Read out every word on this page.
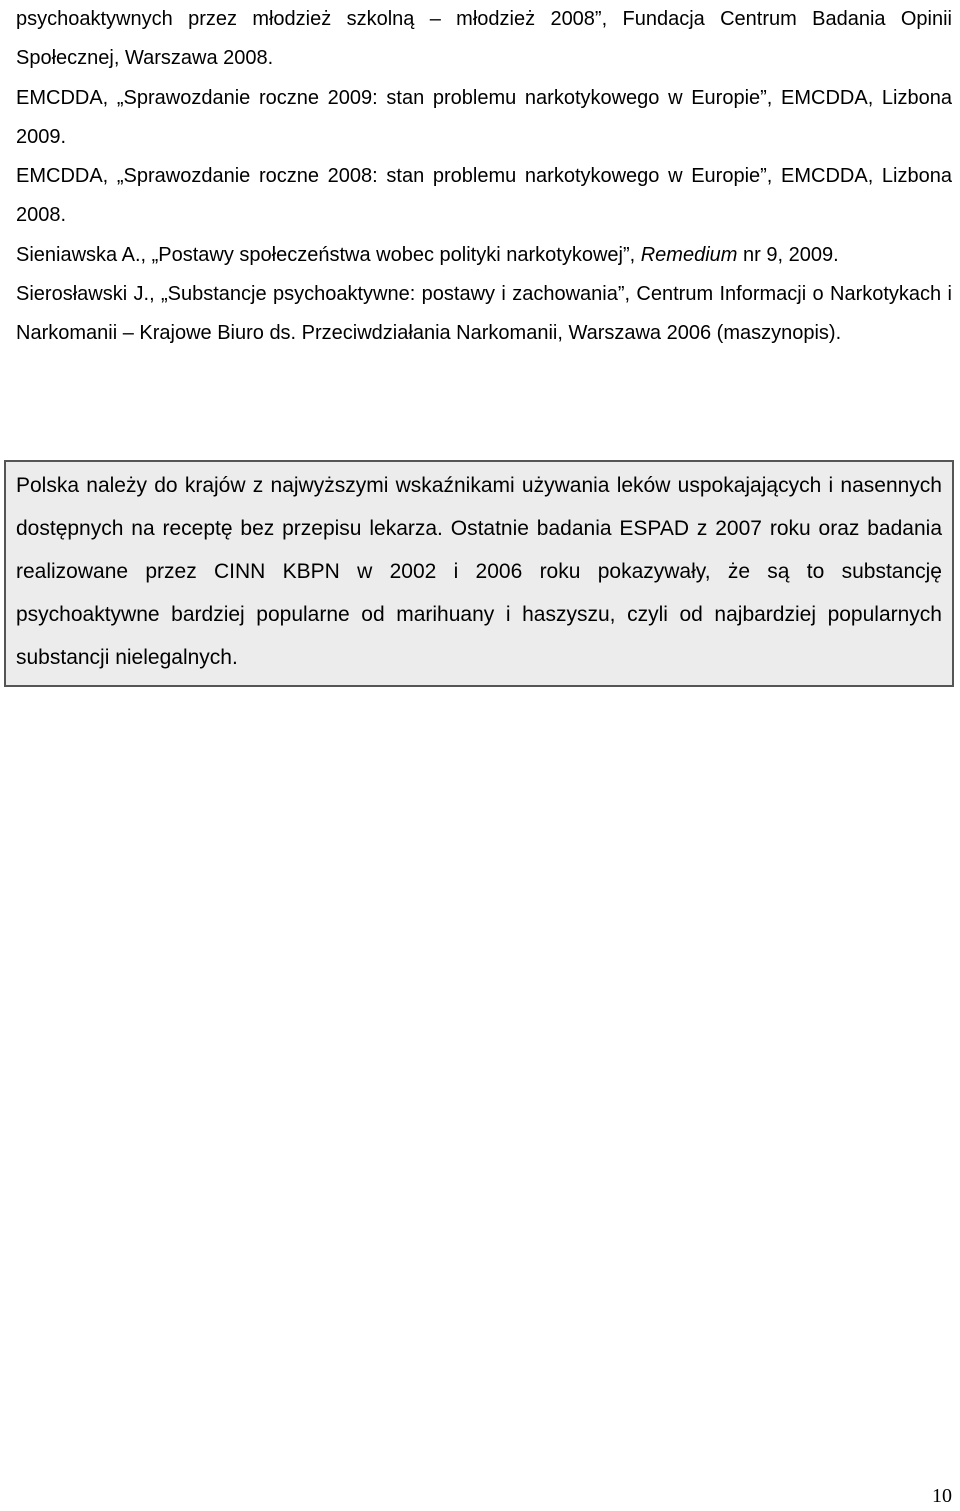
psychoaktywnych przez młodzież szkolną – młodzież 2008”, Fundacja Centrum Badania Opinii Społecznej, Warszawa 2008.

EMCDDA, „Sprawozdanie roczne 2009: stan problemu narkotykowego w Europie”, EMCDDA, Lizbona 2009.

EMCDDA, „Sprawozdanie roczne 2008: stan problemu narkotykowego w Europie”, EMCDDA, Lizbona 2008.

Sieniawska A., „Postawy społeczeństwa wobec polityki narkotykowej”, Remedium nr 9, 2009.

Sierosławski J., „Substancje psychoaktywne: postawy i zachowania”, Centrum Informacji o Narkotykach i Narkomanii – Krajowe Biuro ds. Przeciwdziałania Narkomanii, Warszawa 2006 (maszynopis).

Polska należy do krajów z najwyższymi wskaźnikami używania leków uspokajających i nasennych dostępnych na receptę bez przepisu lekarza. Ostatnie badania ESPAD z 2007 roku oraz badania realizowane przez CINN KBPN w 2002 i 2006 roku pokazywały, że są to substancję psychoaktywne bardziej popularne od marihuany i haszyszu, czyli od najbardziej popularnych substancji nielegalnych.

10
